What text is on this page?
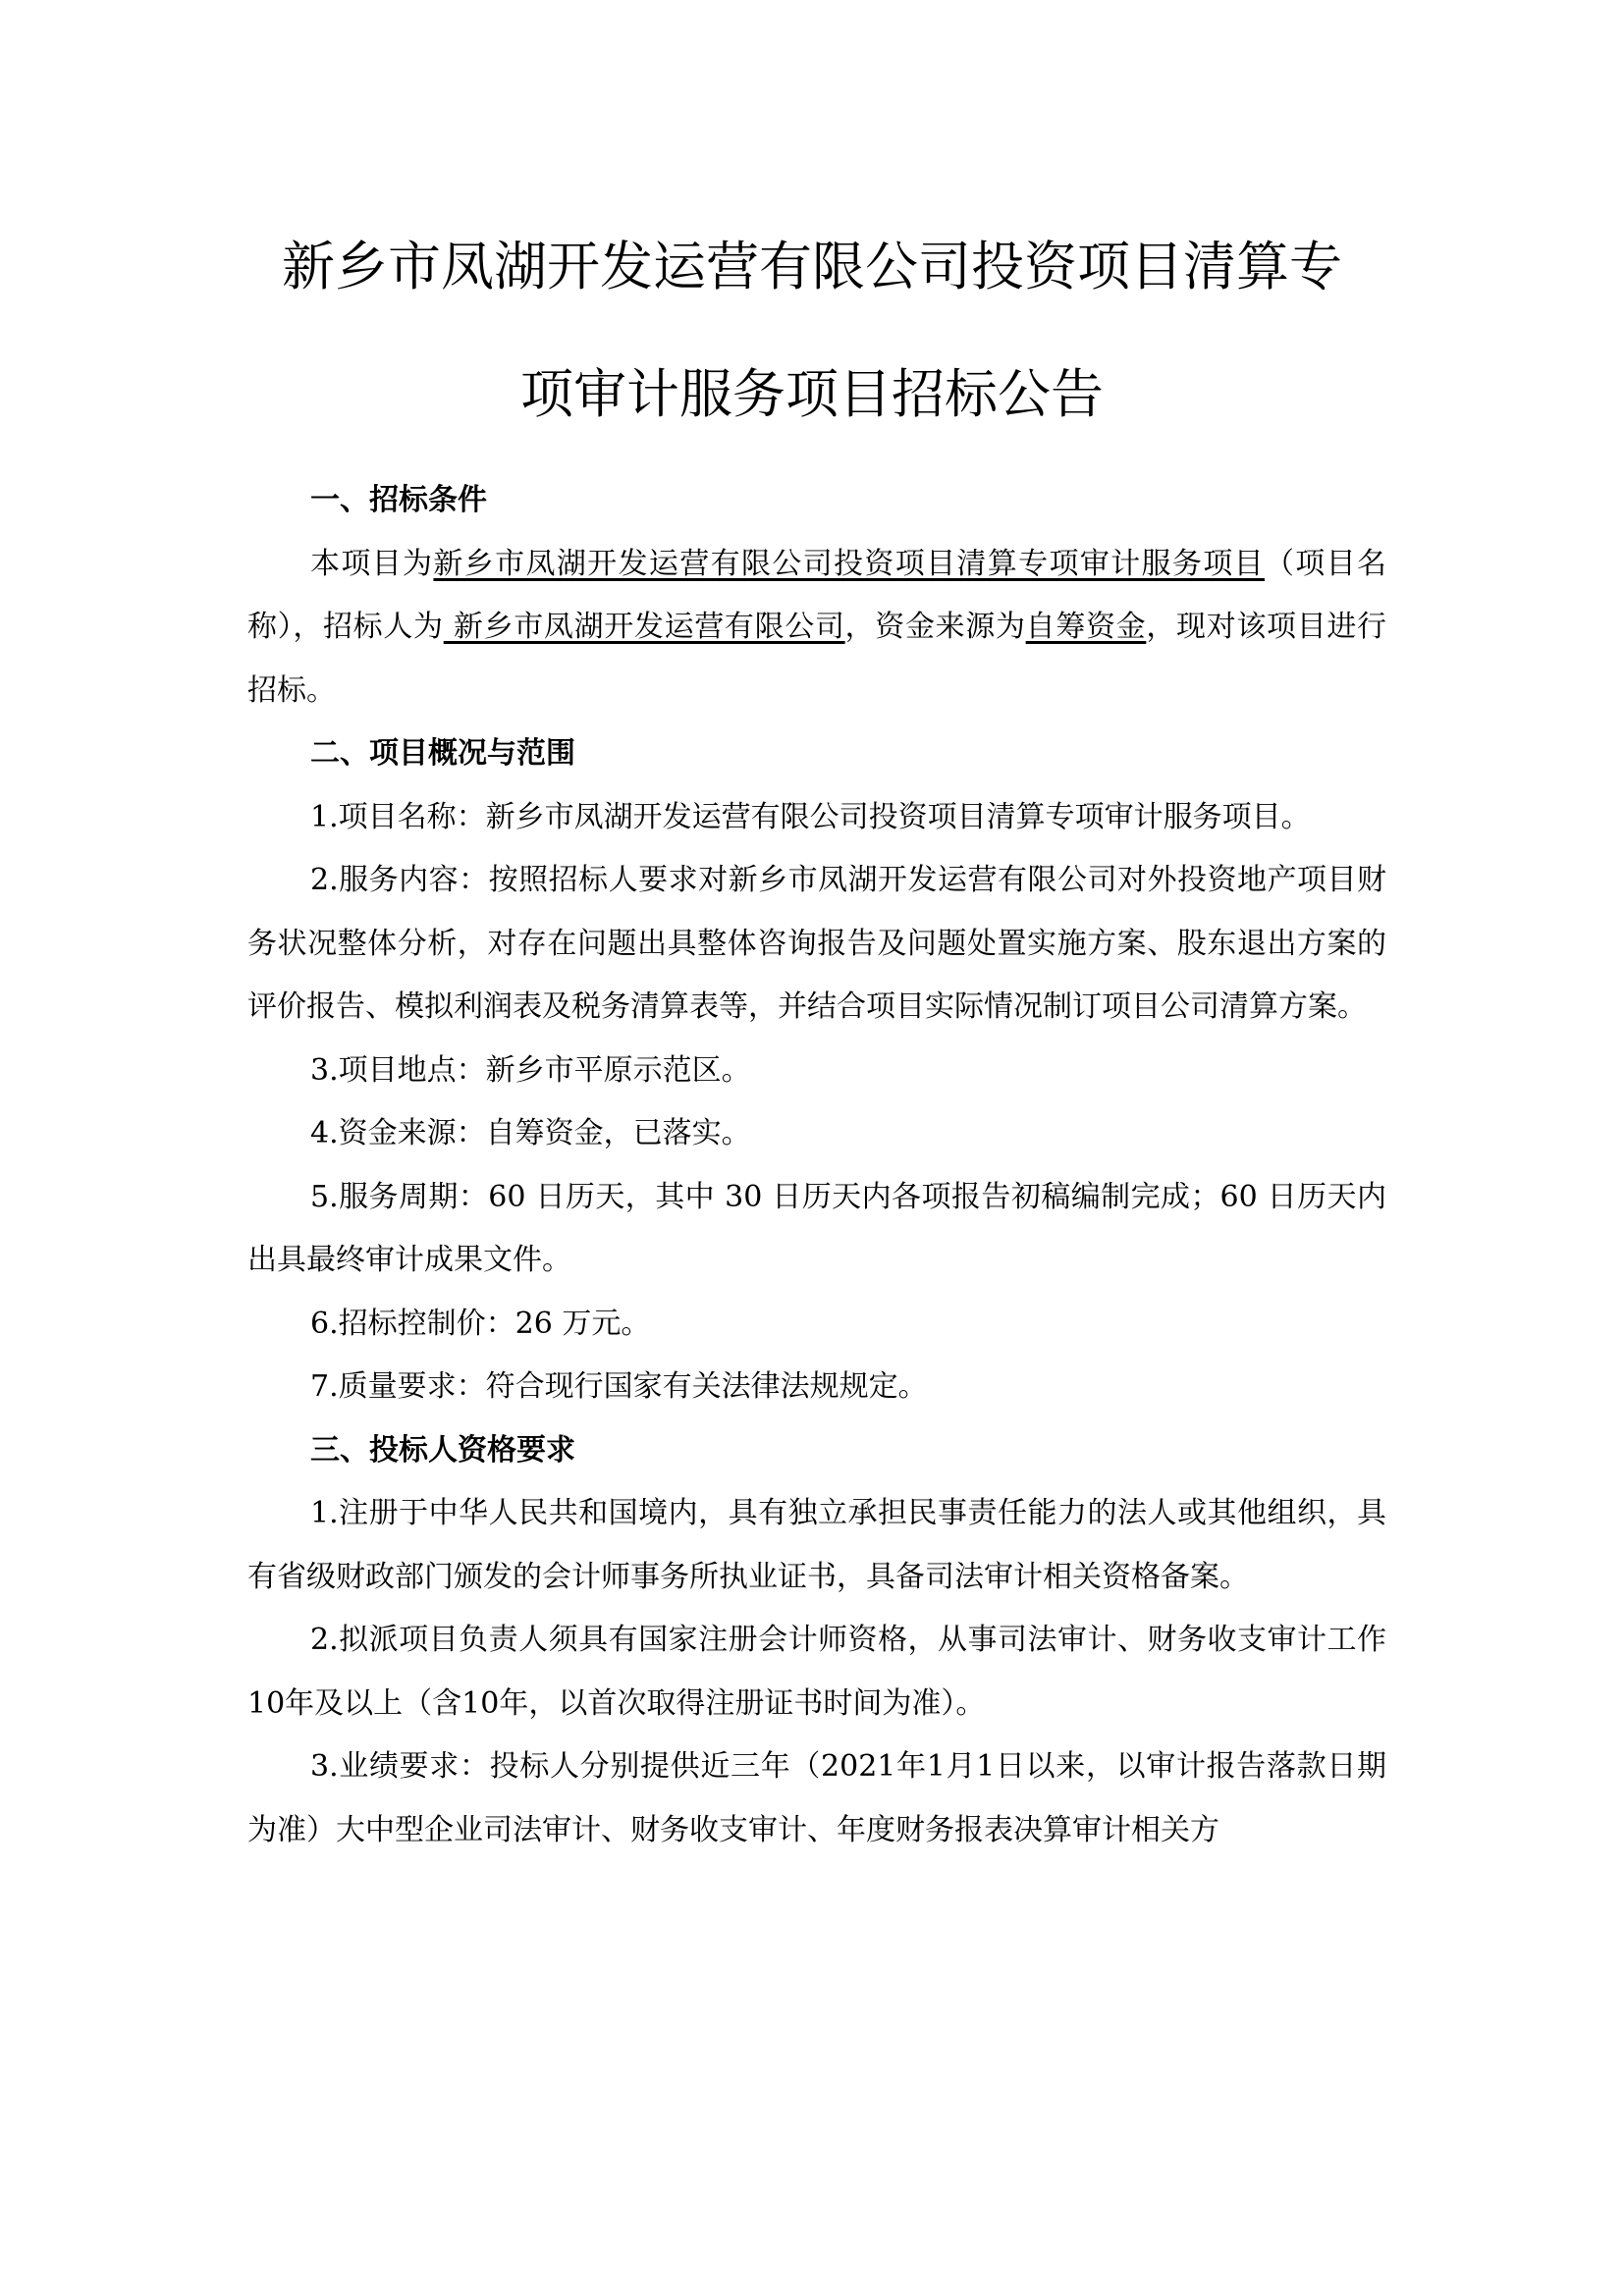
新乡市凤湖开发运营有限公司投资项目清算专
项审计服务项目招标公告

一、招标条件

本项目为新乡市凤湖开发运营有限公司投资项目清算专项审计服务项目（项目名称），招标人为 新乡市凤湖开发运营有限公司，资金来源为自筹资金，现对该项目进行招标。

二、项目概况与范围

1.项目名称：新乡市凤湖开发运营有限公司投资项目清算专项审计服务项目。

2.服务内容：按照招标人要求对新乡市凤湖开发运营有限公司对外投资地产项目财务状况整体分析，对存在问题出具整体咨询报告及问题处置实施方案、股东退出方案的评价报告、模拟利润表及税务清算表等，并结合项目实际情况制订项目公司清算方案。

3.项目地点：新乡市平原示范区。

4.资金来源：自筹资金，已落实。

5.服务周期：60 日历天，其中 30 日历天内各项报告初稿编制完成；60 日历天内出具最终审计成果文件。

6.招标控制价：26 万元。

7.质量要求：符合现行国家有关法律法规规定。

三、投标人资格要求

1.注册于中华人民共和国境内，具有独立承担民事责任能力的法人或其他组织，具有省级财政部门颁发的会计师事务所执业证书，具备司法审计相关资格备案。

2.拟派项目负责人须具有国家注册会计师资格，从事司法审计、财务收支审计工作10年及以上（含10年，以首次取得注册证书时间为准）。

3.业绩要求：投标人分别提供近三年（2021年1月1日以来，以审计报告落款日期为准）大中型企业司法审计、财务收支审计、年度财务报表决算审计相关方
